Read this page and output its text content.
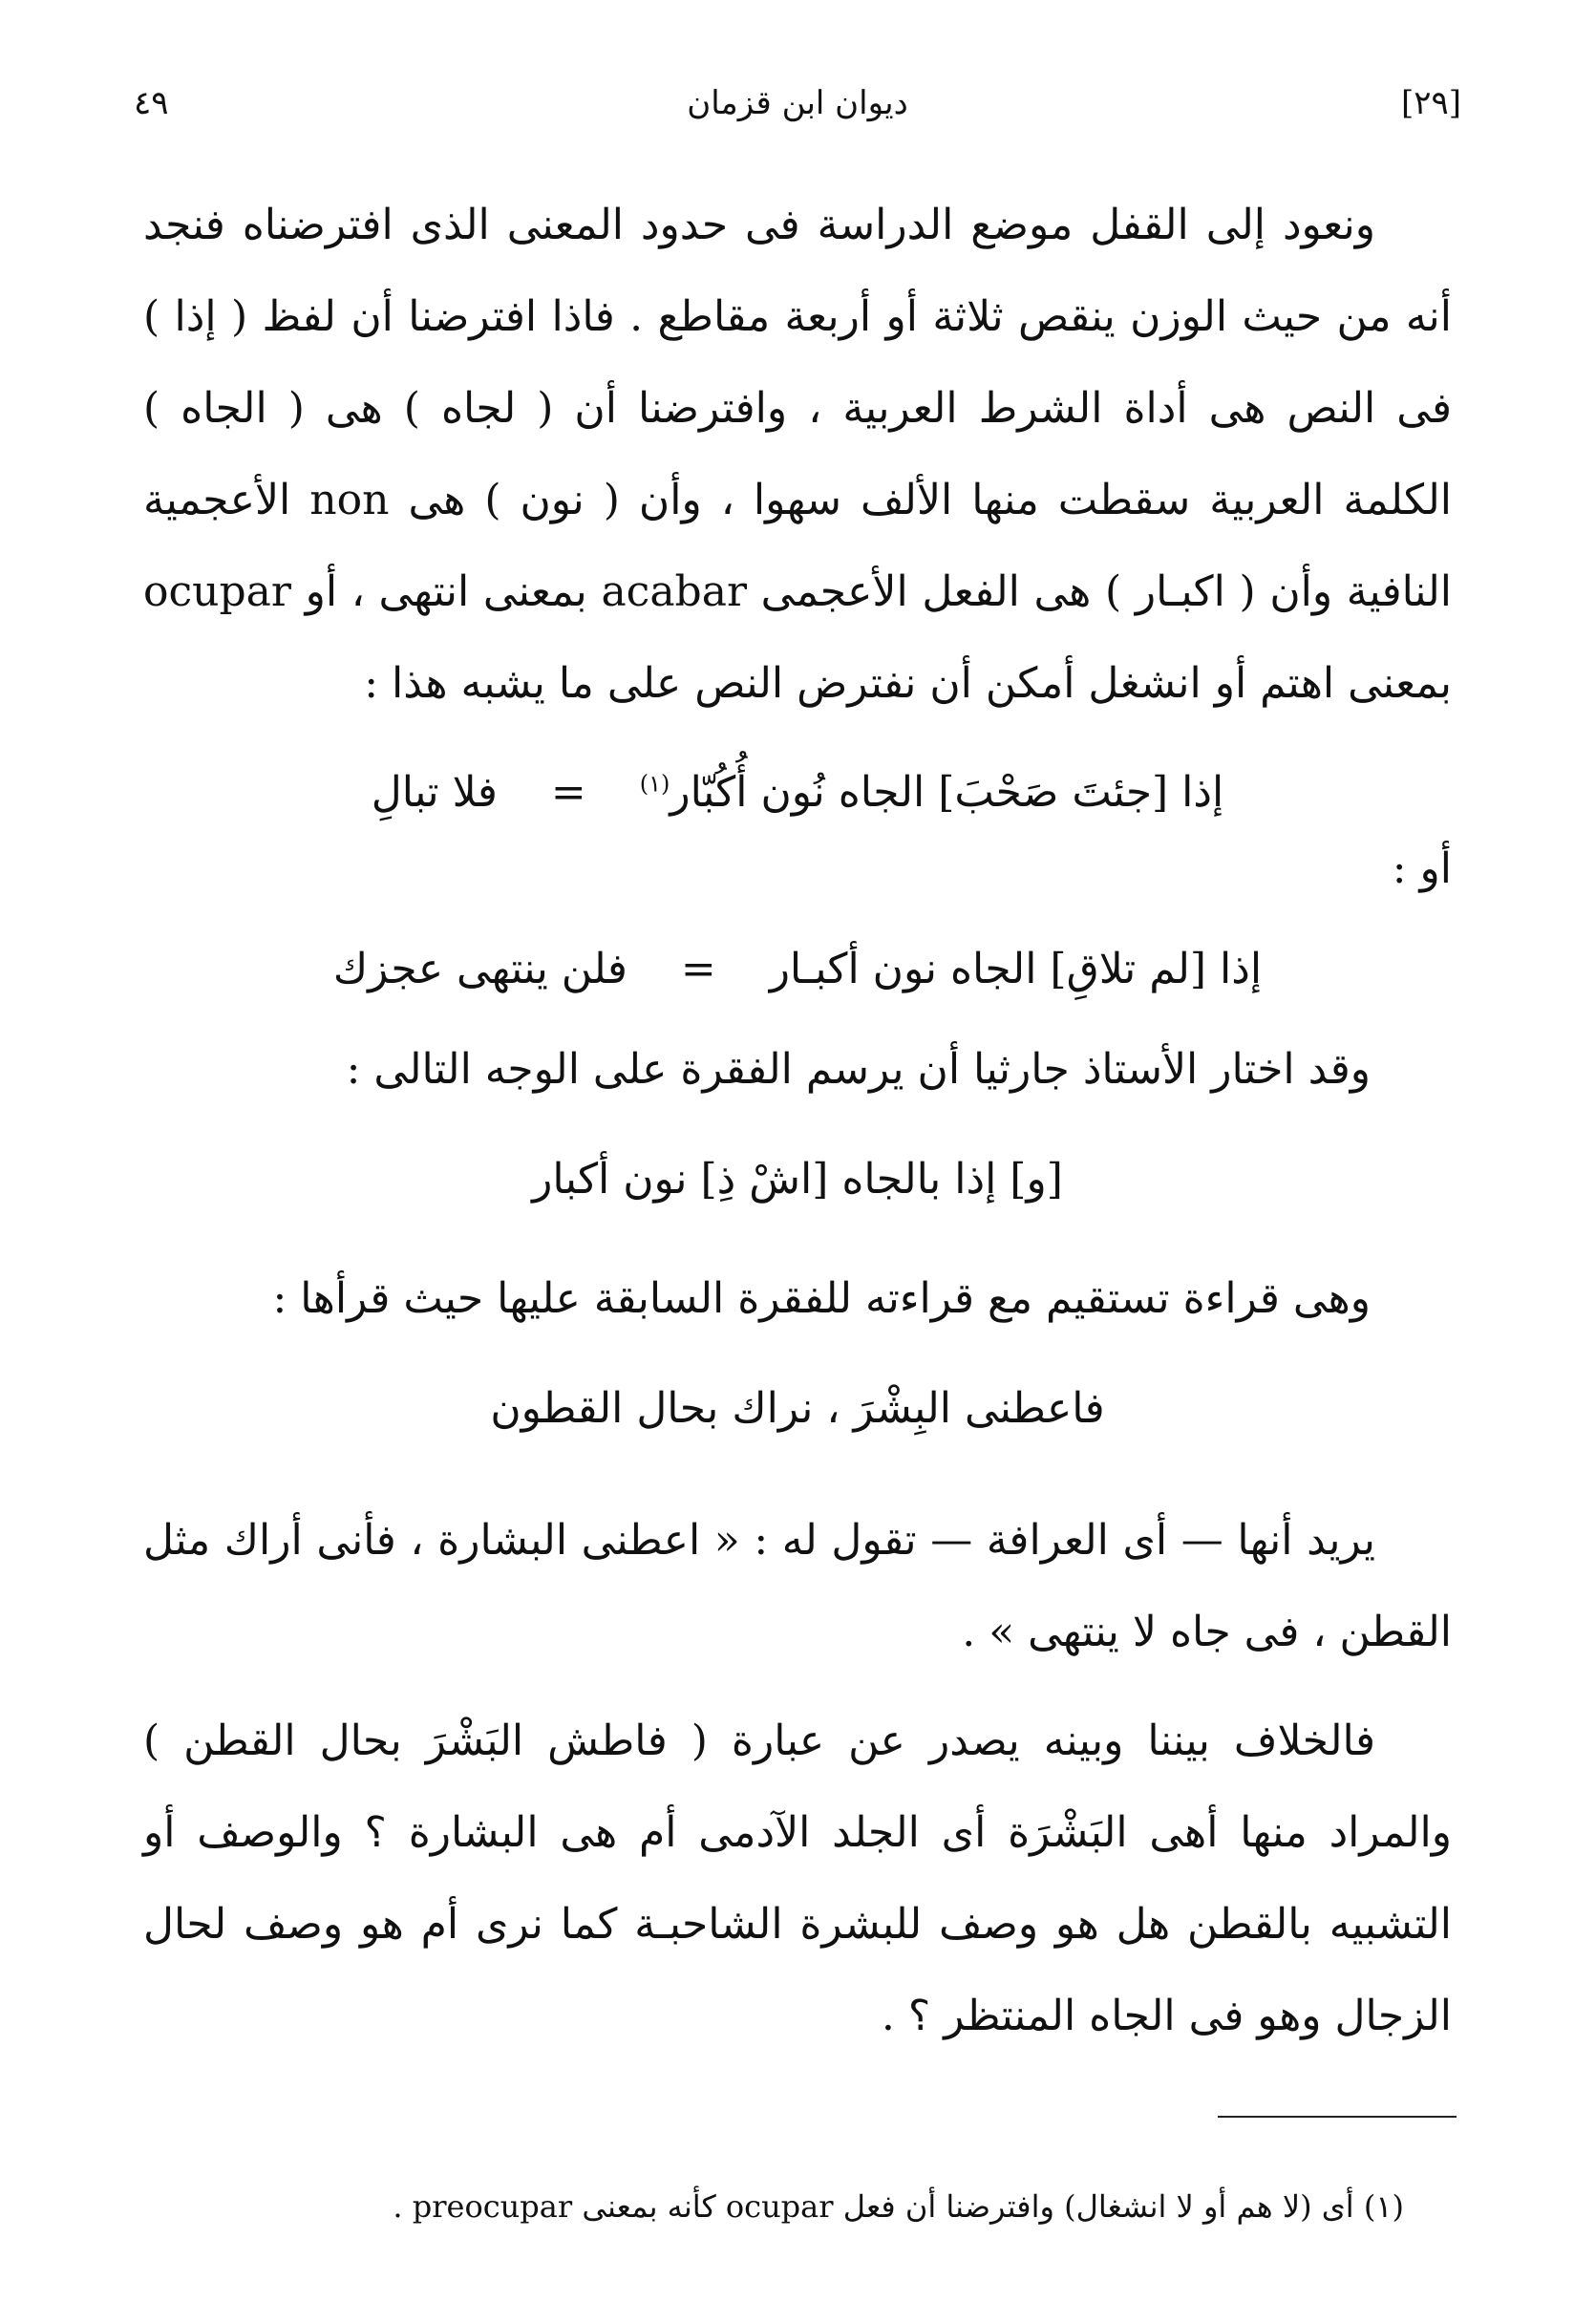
[٢٩]
ديوان ابن قزمان
٤٩
ونعود إلى القفل موضع الدراسة فى حدود المعنى الذى افترضناه فنجد أنه من حيث الوزن ينقص ثلاثة أو أربعة مقاطع . فاذا افترضنا أن لفظ ( إذا ) فى النص هى أداة الشرط العربية ، وافترضنا أن ( لجاه ) هى ( الجاه ) الكلمة العربية سقطت منها الألف سهوا ، وأن ( نون ) هى non الأعجمية النافية وأن ( اكبـار ) هى الفعل الأعجمى acabar بمعنى انتهى ، أو ocupar بمعنى اهتم أو انشغل أمكن أن نفترض النص على ما يشبه هذا :
إذا [جئتَ صَحْبَ] الجاه نُون أُكُبّار$^{(١)}$    =    فلا تبالِ
أو :
إذا [لم تلاقِ] الجاه نون أكبـار    =    فلن ينتهى عجزك
وقد اختار الأستاذ جارثيا أن يرسم الفقرة على الوجه التالى :
[و] إذا بالجاه [اشْ ذِ] نون أكبار
وهى قراءة تستقيم مع قراءته للفقرة السابقة عليها حيث قرأها :
فاعطنى البِشْرَ ، نراك بحال القطون
يريد أنها — أى العرافة — تقول له : « اعطنى البشارة ، فأنى أراك مثل القطن ، فى جاه لا ينتهى » .
فالخلاف بيننا وبينه يصدر عن عبارة ( فاطش البَشْرَ بحال القطن ) والمراد منها أهى البَشْرَة أى الجلد الآدمى أم هى البشارة ؟ والوصف أو التشبيه بالقطن هل هو وصف للبشرة الشاحبـة كما نرى أم هو وصف لحال الزجال وهو فى الجاه المنتظر ؟ .
(١) أى (لا هم أو لا انشغال) وافترضنا أن فعل ocupar كأنه بمعنى preocupar .
